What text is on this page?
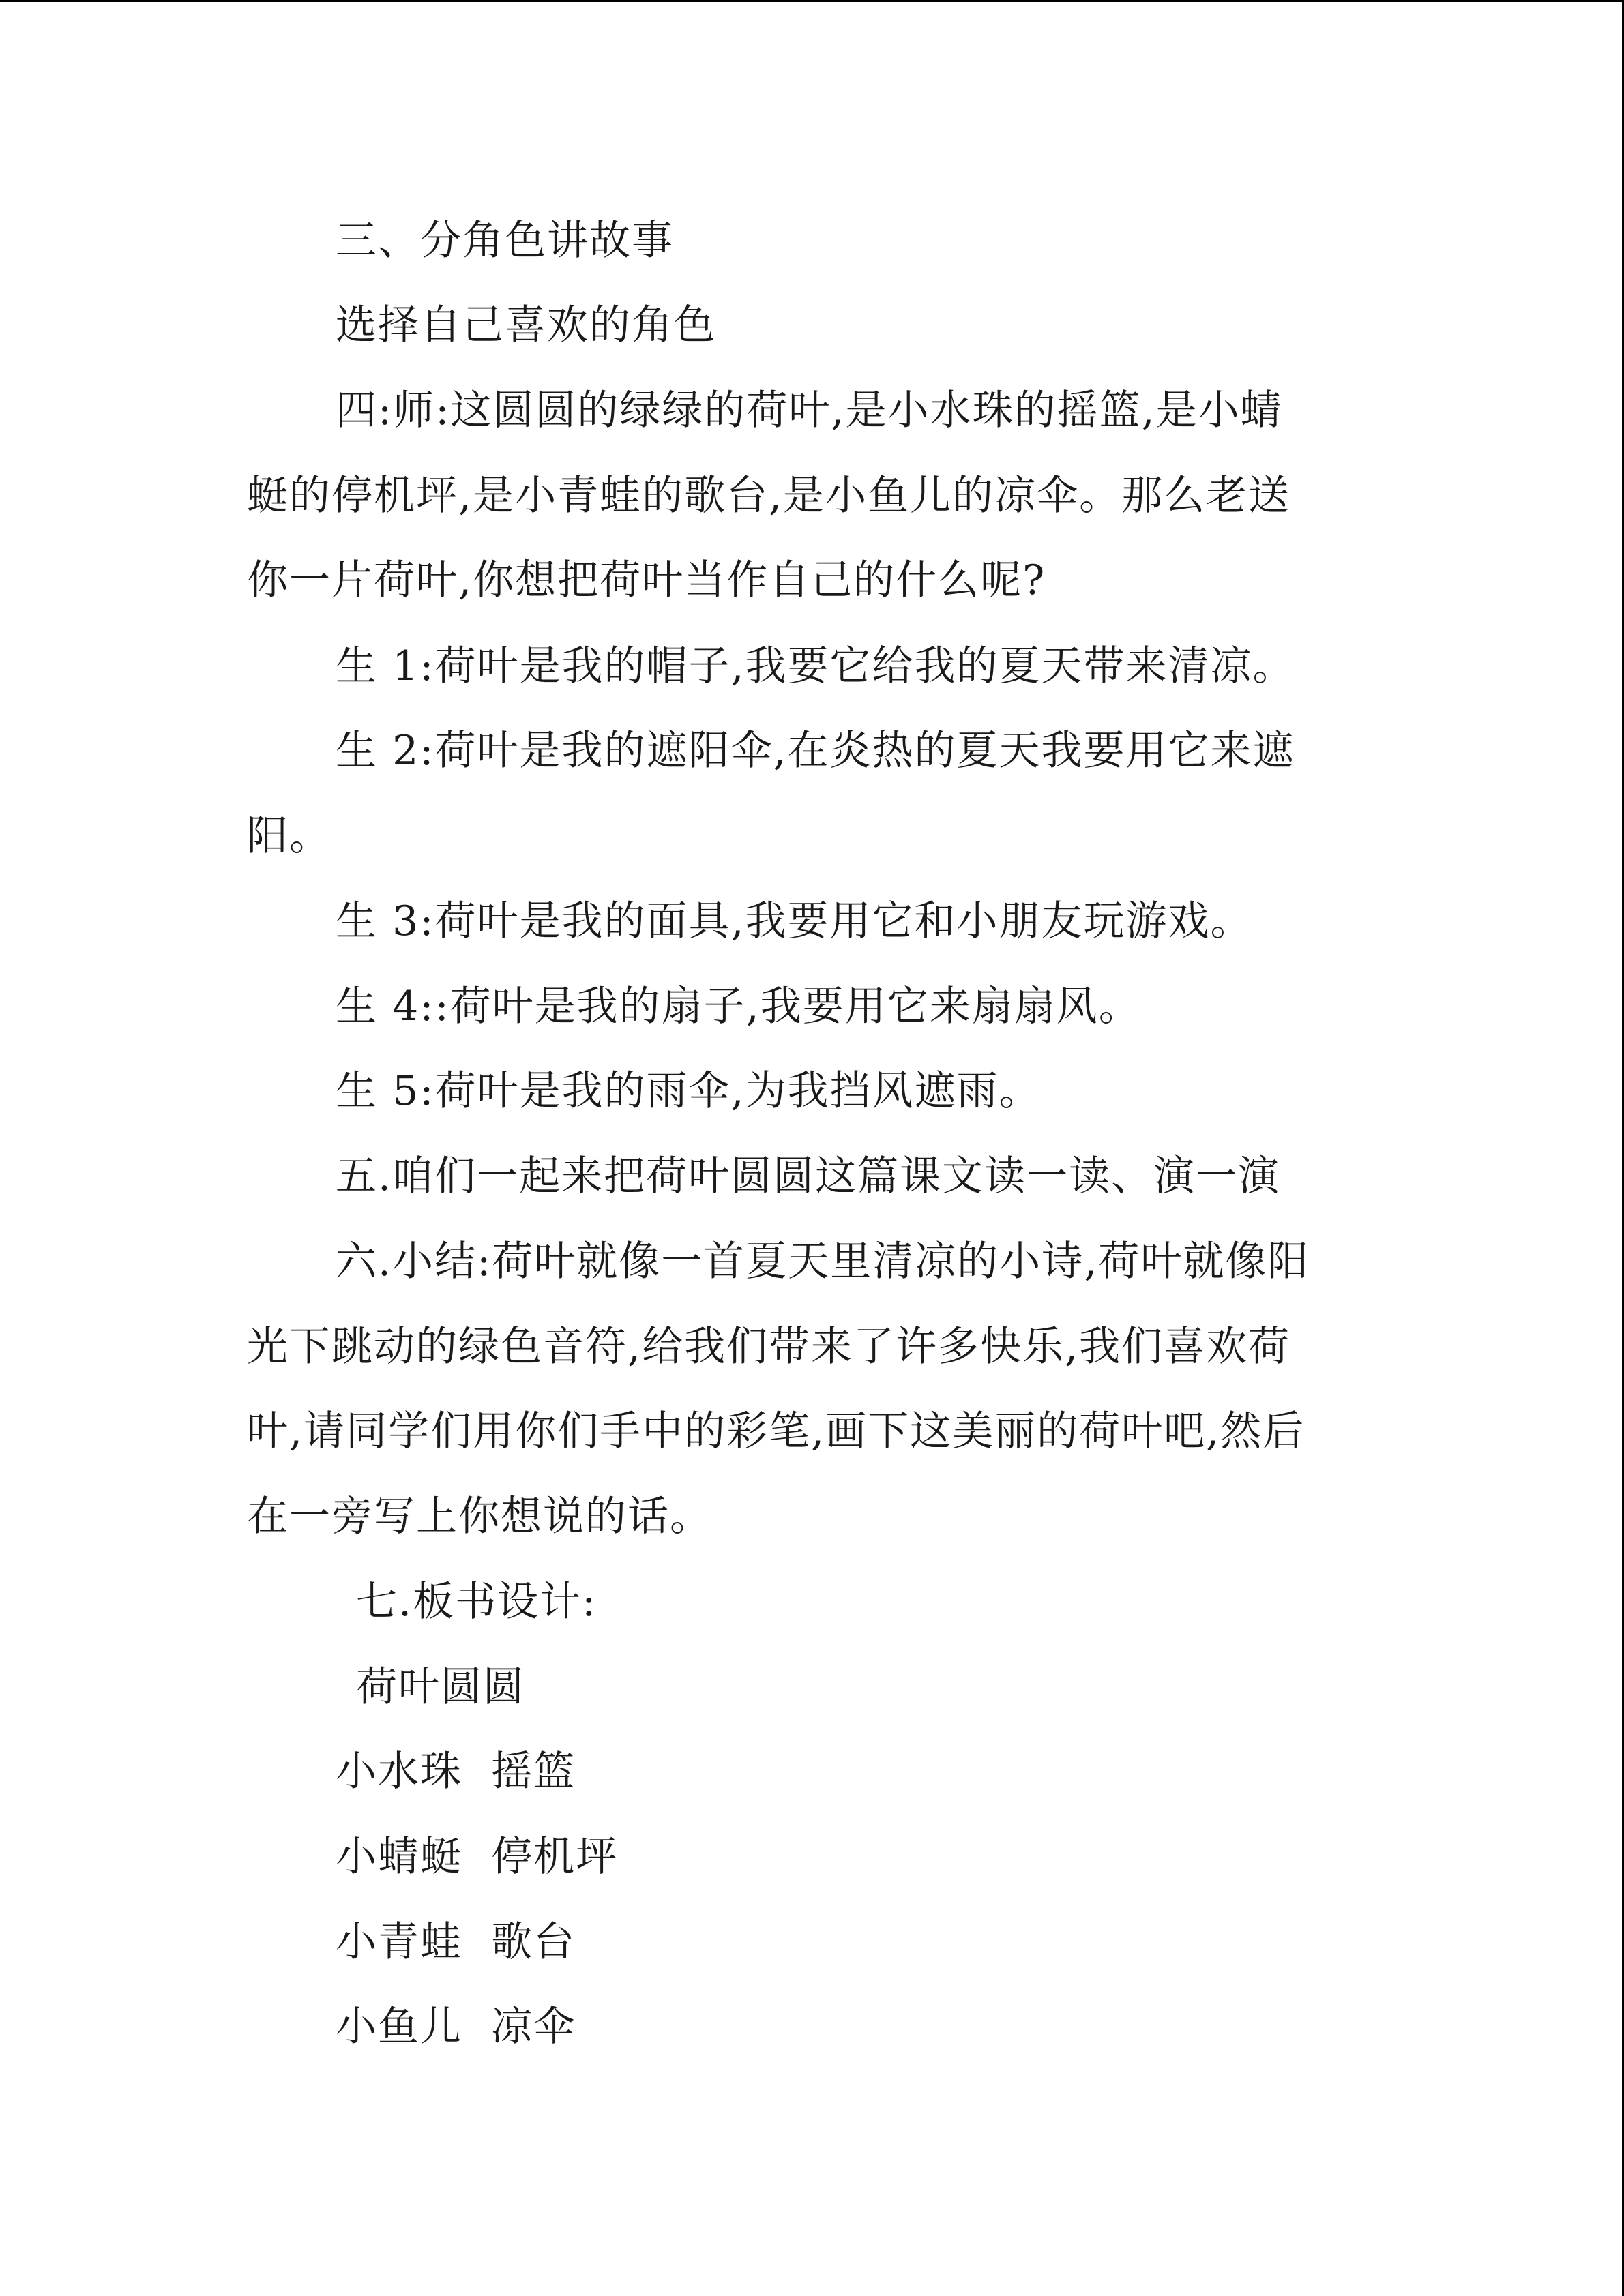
三、分角色讲故事
选择自己喜欢的角色
四:师:这圆圆的绿绿的荷叶,是小水珠的摇篮,是小蜻
蜓的停机坪,是小青蛙的歌台,是小鱼儿的凉伞。那么老送
你一片荷叶,你想把荷叶当作自己的什么呢?
生 1:荷叶是我的帽子,我要它给我的夏天带来清凉。
生 2:荷叶是我的遮阳伞,在炎热的夏天我要用它来遮
阳。
生 3:荷叶是我的面具,我要用它和小朋友玩游戏。
生 4::荷叶是我的扇子,我要用它来扇扇风。
生 5:荷叶是我的雨伞,为我挡风遮雨。
五.咱们一起来把荷叶圆圆这篇课文读一读、演一演
六.小结:荷叶就像一首夏天里清凉的小诗,荷叶就像阳
光下跳动的绿色音符,给我们带来了许多快乐,我们喜欢荷
叶,请同学们用你们手中的彩笔,画下这美丽的荷叶吧,然后
在一旁写上你想说的话。
七.板书设计:
荷叶圆圆
小水珠  摇篮
小蜻蜓  停机坪
小青蛙  歌台
小鱼儿  凉伞
